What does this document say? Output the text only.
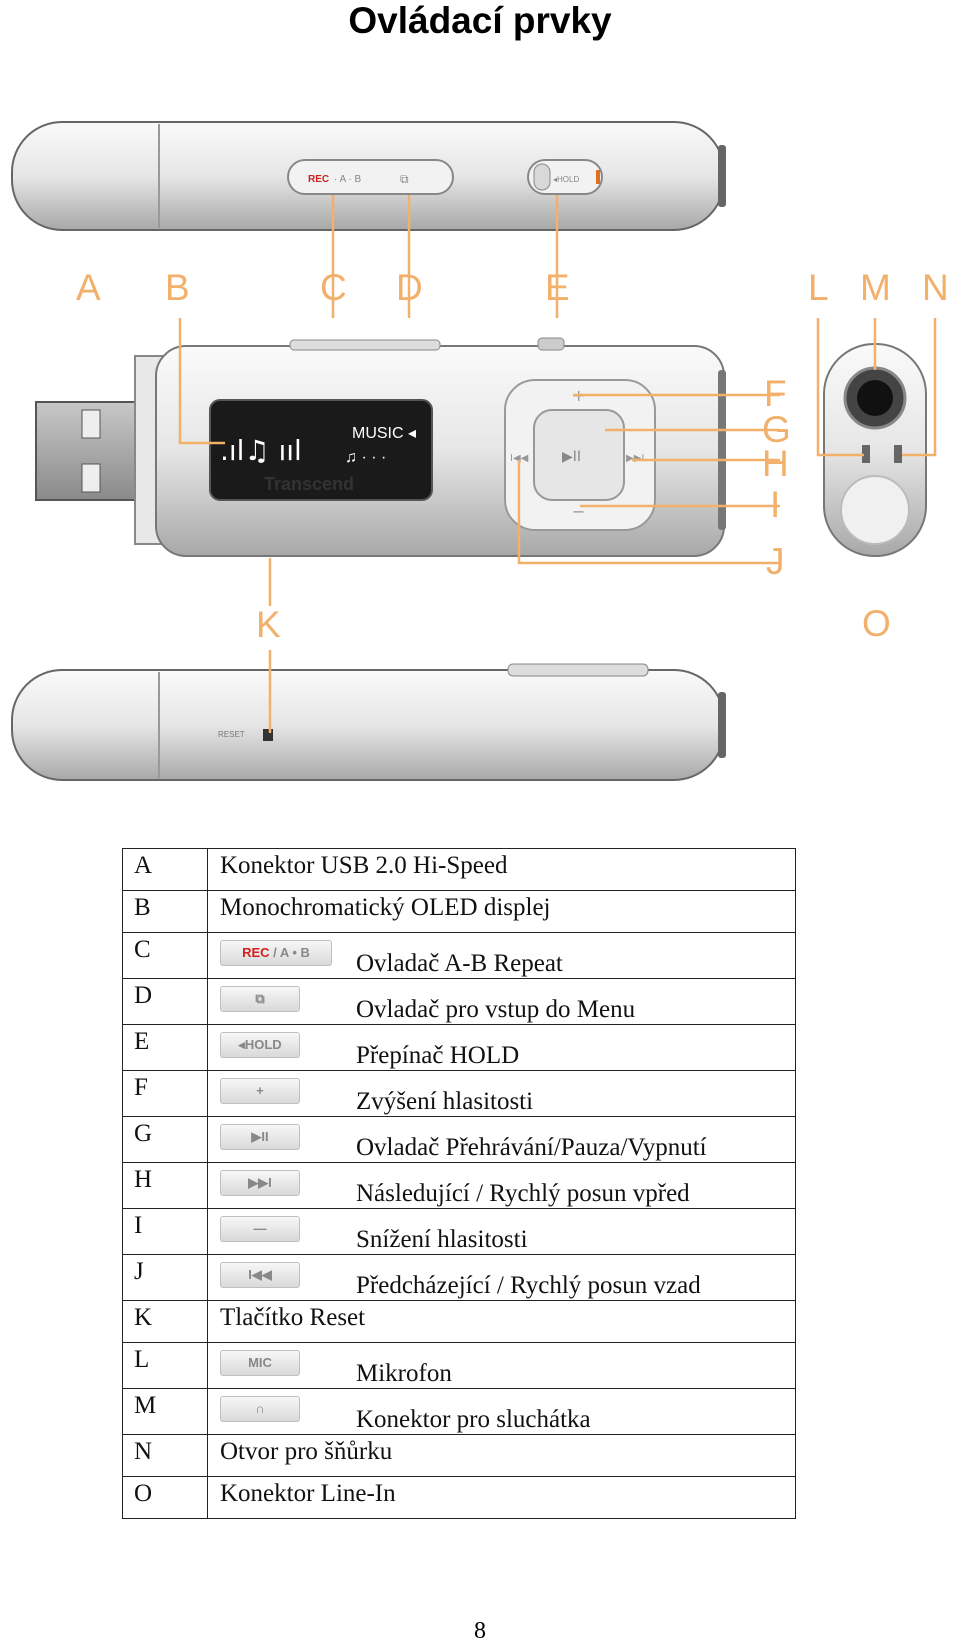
Ovládací prvky
REC · A · B	⧉	◂HOLD
.ıl♫ ııl
MUSIC ◂
♫ · · ·
Transcend
▶II
+
−
I◀◀	▶▶I
RESET
A B	C D	E
F
G
H
I
J
K
L M N
O
A	Konektor USB 2.0 Hi-Speed
B	Monochromatický OLED displej
C	REC / A • B Ovladač A-B Repeat
D	⧉ Ovladač pro vstup do Menu
E	◂HOLD Přepínač HOLD
F	+ Zvýšení hlasitosti
G	▶II Ovladač Přehrávání/Pauza/Vypnutí
H	▶▶I Následující / Rychlý posun vpřed
I	— Snížení hlasitosti
J	I◀◀ Předcházející / Rychlý posun vzad
K	Tlačítko Reset
L	MIC Mikrofon
M	∩ Konektor pro sluchátka
N	Otvor pro šňůrku
O	Konektor Line-In
8
